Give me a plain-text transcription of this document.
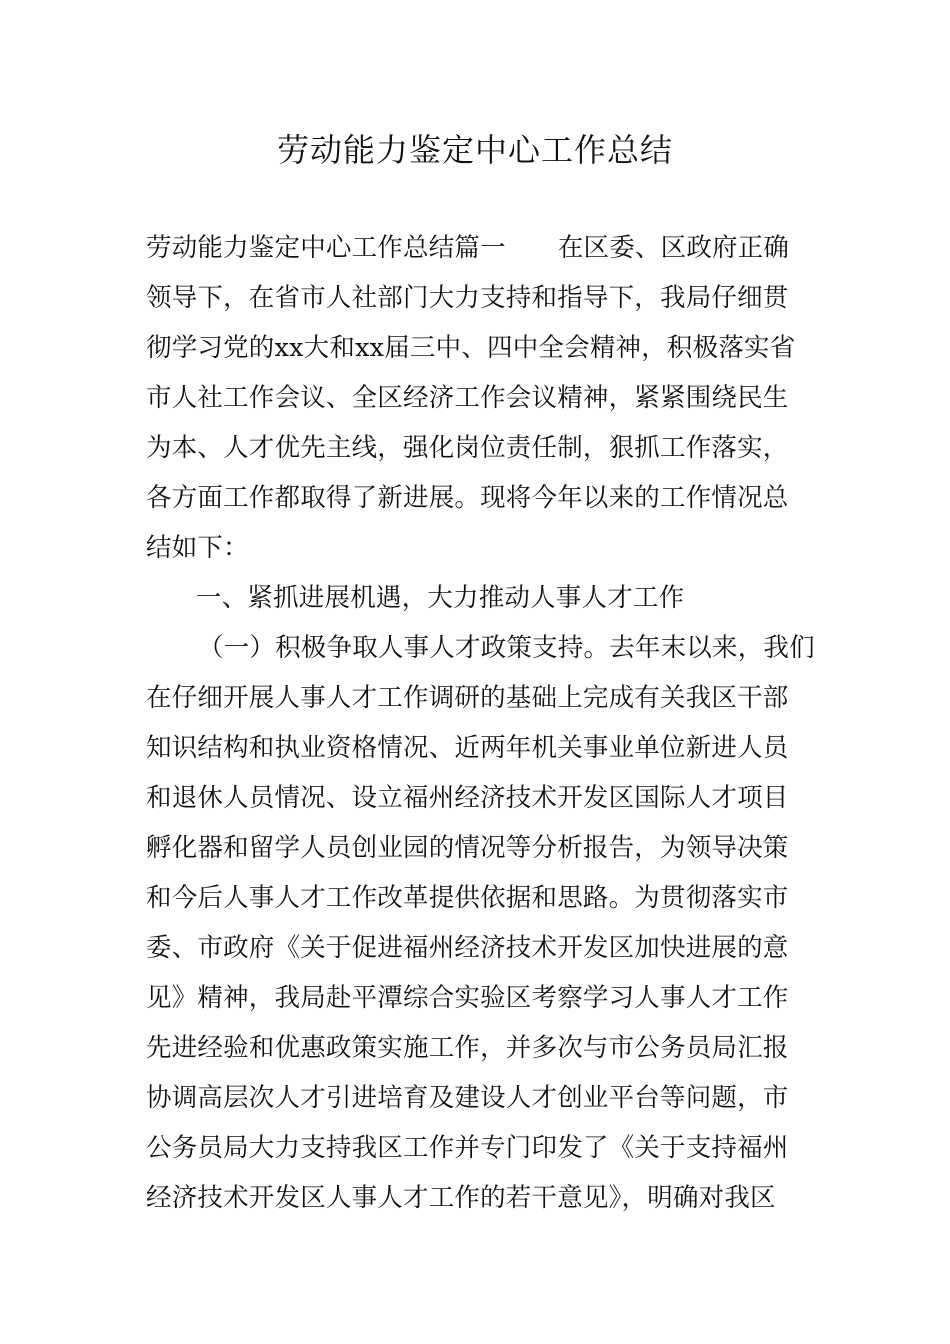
劳动能力鉴定中心工作总结

劳动能力鉴定中心工作总结篇一 在区委、区政府正确

领导下，在省市人社部门大力支持和指导下，我局仔细贯

彻学习党的xx大和xx届三中、四中全会精神，积极落实省

市人社工作会议、全区经济工作会议精神，紧紧围绕民生

为本、人才优先主线，强化岗位责任制，狠抓工作落实，

各方面工作都取得了新进展。现将今年以来的工作情况总

结如下：

一、紧抓进展机遇，大力推动人事人才工作

（一）积极争取人事人才政策支持。去年末以来，我们

在仔细开展人事人才工作调研的基础上完成有关我区干部

知识结构和执业资格情况、近两年机关事业单位新进人员

和退休人员情况、设立福州经济技术开发区国际人才项目

孵化器和留学人员创业园的情况等分析报告，为领导决策

和今后人事人才工作改革提供依据和思路。为贯彻落实市

委、市政府《关于促进福州经济技术开发区加快进展的意

见》精神，我局赴平潭综合实验区考察学习人事人才工作

先进经验和优惠政策实施工作，并多次与市公务员局汇报

协调高层次人才引进培育及建设人才创业平台等问题，市

公务员局大力支持我区工作并专门印发了《关于支持福州

经济技术开发区人事人才工作的若干意见》，明确对我区
